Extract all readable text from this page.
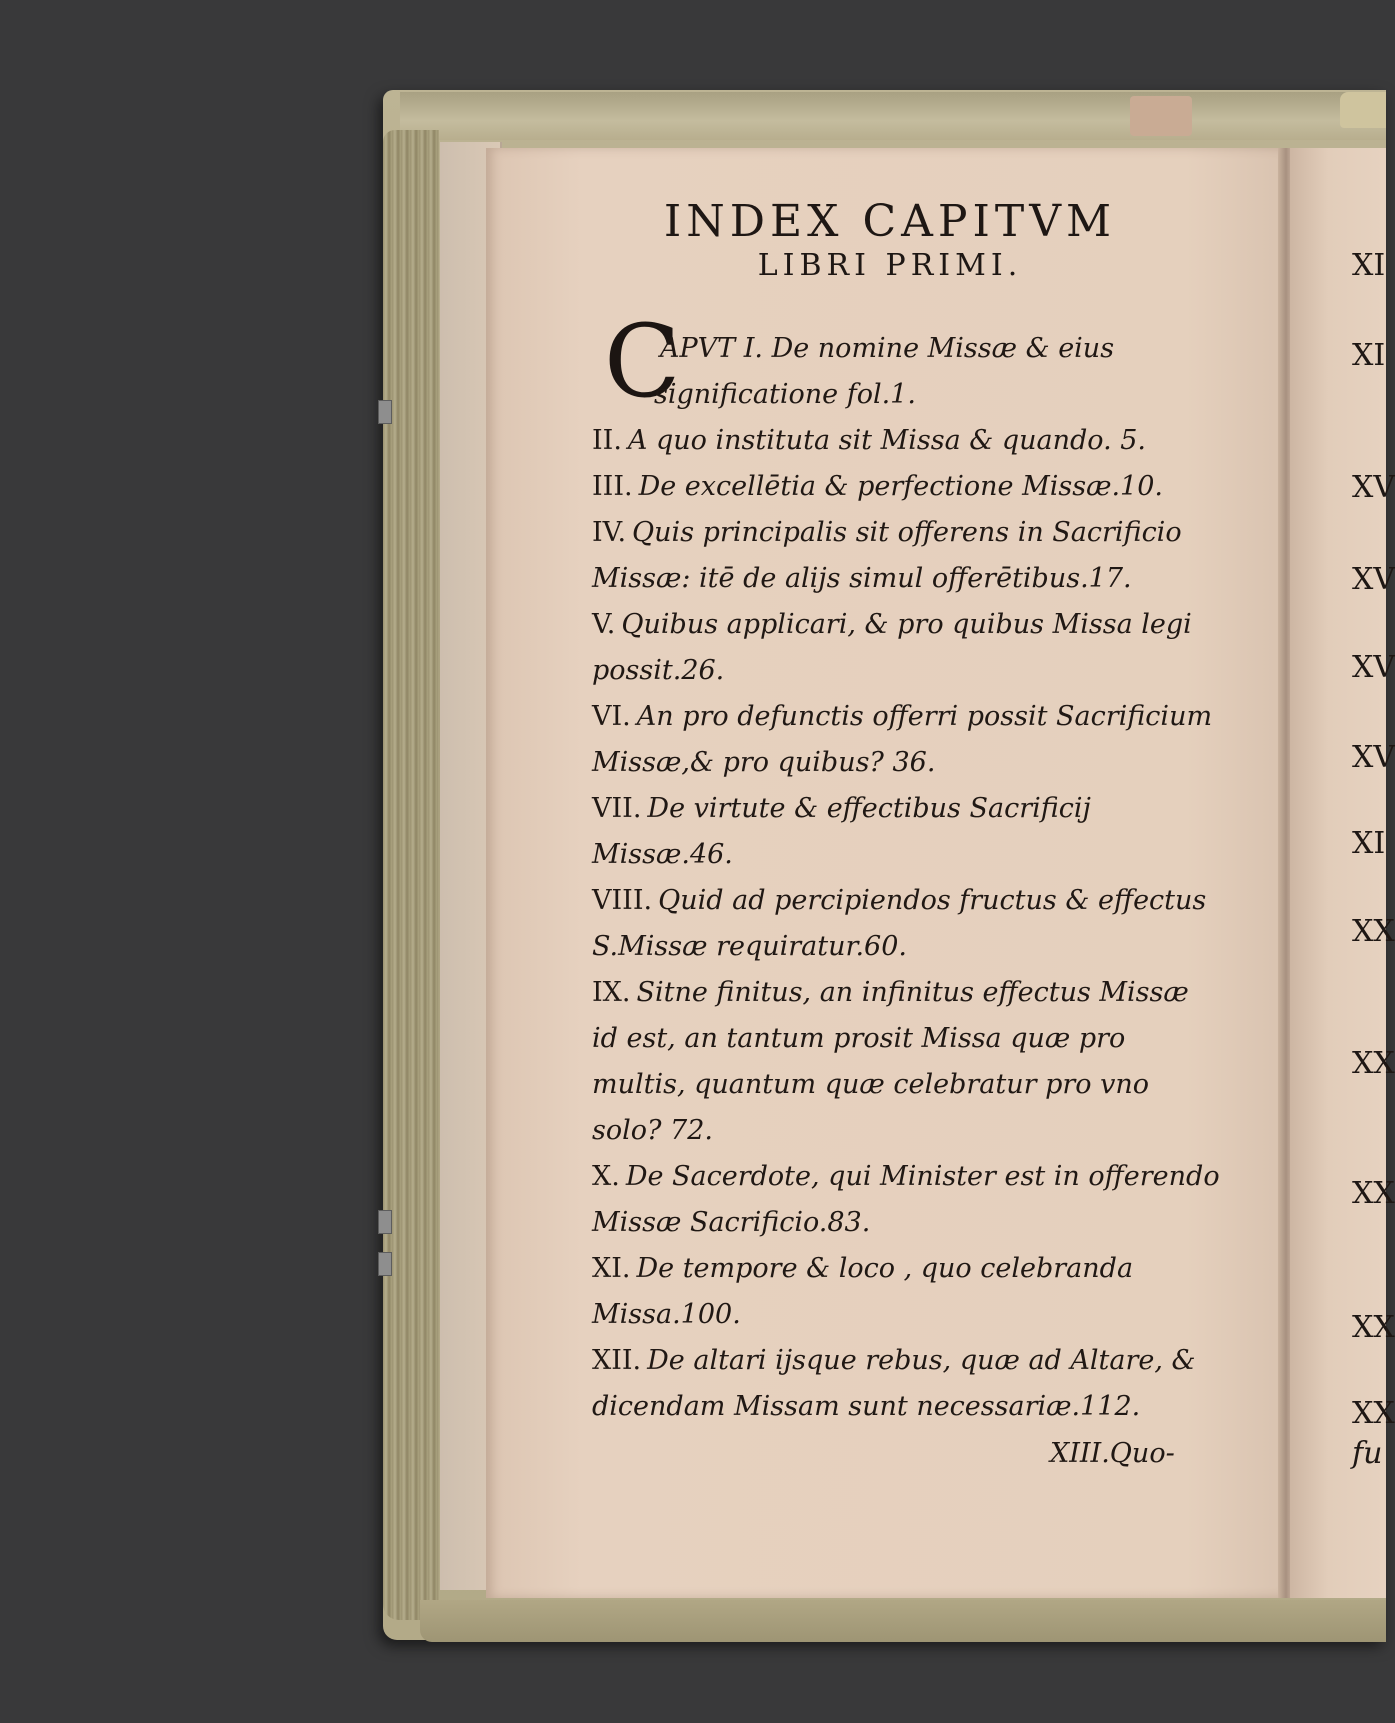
INDEX CAPITVM
LIBRI PRIMI.
C

APVT I. De nomine Missæ & eius significatione fol.1.

II. A quo instituta sit Missa & quando. 5.

III. De excellētia & perfectione Missæ.10.

IV. Quis principalis sit offerens in Sacrificio Missæ: itē de alijs simul offerētibus.17.

V. Quibus applicari, & pro quibus Missa legi possit.26.

VI. An pro defunctis offerri possit Sacrificium Missæ,& pro quibus? 36.

VII. De virtute & effectibus Sacrificij Missæ.46.

VIII. Quid ad percipiendos fructus & effectus S.Missæ requiratur.60.

IX. Sitne finitus, an infinitus effectus Missæ id est, an tantum prosit Missa quæ pro multis, quantum quæ celebratur pro vno solo? 72.

X. De Sacerdote, qui Minister est in offerendo Missæ Sacrificio.83.

XI. De tempore & loco , quo celebranda Missa.100.

XII. De altari ijsque rebus, quæ ad Altare, & dicendam Missam sunt necessariæ.112.

XIII.Quo-
XI
XI
XV
XV
XV
XV
XI
XX
XX
XX
XX
XX
fu
